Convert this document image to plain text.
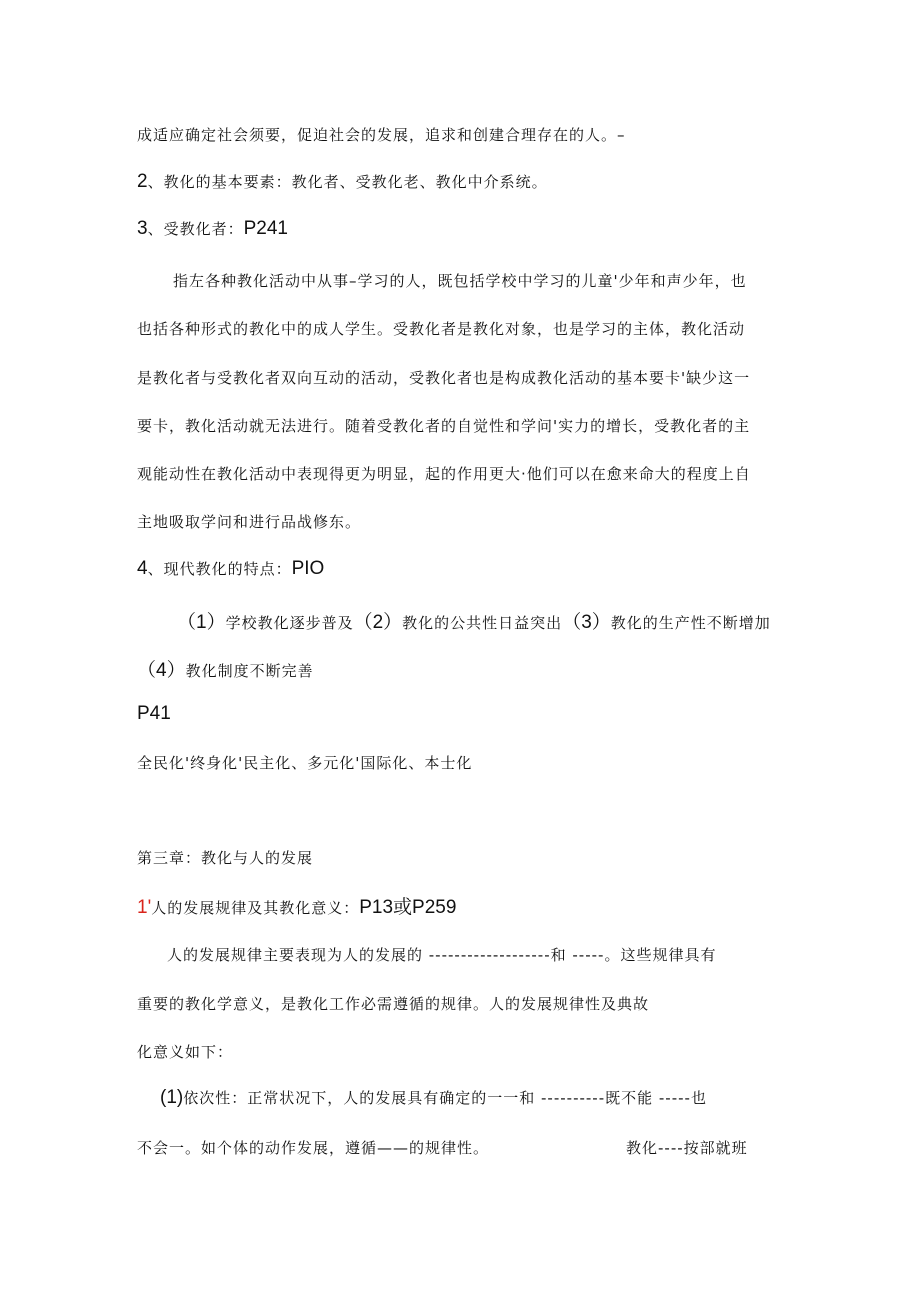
成适应确定社会须要，促迫社会的发展，追求和创建合理存在的人。–
2、教化的基本要素：教化者、受教化老、教化中介系统。
3、受教化者：P241
指左各种教化活动中从事–学习的人，既包括学校中学习的儿童'少年和声少年，也
也括各种形式的教化中的成人学生。受教化者是教化对象，也是学习的主体，教化活动
是教化者与受教化者双向互动的活动，受教化者也是构成教化活动的基本要卡'缺少这一
要卡，教化活动就无法进行。随着受教化者的自觉性和学问'实力的增长，受教化者的主
观能动性在教化活动中表现得更为明显，起的作用更大·他们可以在愈来命大的程度上自
主地吸取学问和进行品战修东。
4、现代教化的特点：PIO
（1）学校教化逐步普及（2）教化的公共性日益突出（3）教化的生产性不断增加
（4）教化制度不断完善
P41
全民化'终身化'民主化、多元化'国际化、本士化
第三章：教化与人的发展
1'人的发展规律及其教化意义：P13或P259
人的发展规律主要表现为人的发展的 -------------------和 -----。这些规律具有
重要的教化学意义，是教化工作必需遵循的规律。人的发展规律性及典故
化意义如下：
(1)依次性：正常状况下，人的发展具有确定的一一和 ----------既不能 -----也
不会一。如个体的动作发展，遵循——的规律性。	教化----按部就班
